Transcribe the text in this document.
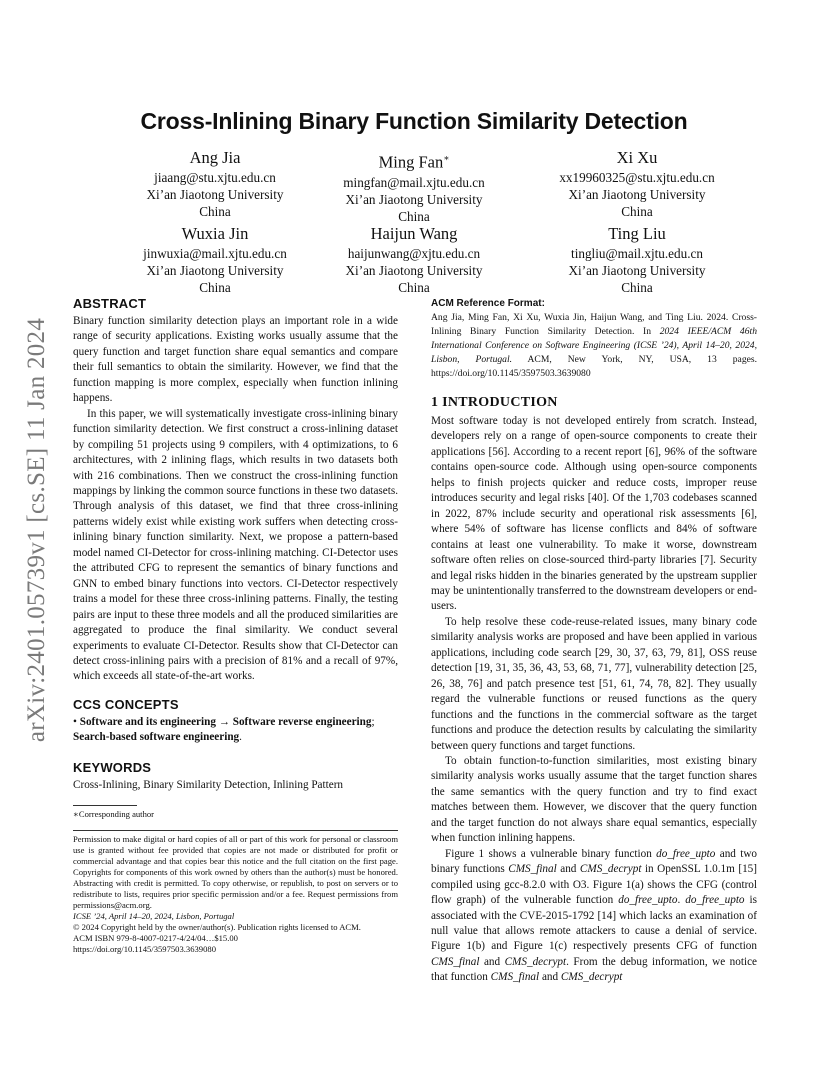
arXiv:2401.05739v1 [cs.SE] 11 Jan 2024
Cross-Inlining Binary Function Similarity Detection
Ang Jia
jiaang@stu.xjtu.edu.cn
Xi’an Jiaotong University
China
Ming Fan∗
mingfan@mail.xjtu.edu.cn
Xi’an Jiaotong University
China
Xi Xu
xx19960325@stu.xjtu.edu.cn
Xi’an Jiaotong University
China
Wuxia Jin
jinwuxia@mail.xjtu.edu.cn
Xi’an Jiaotong University
China
Haijun Wang
haijunwang@xjtu.edu.cn
Xi’an Jiaotong University
China
Ting Liu
tingliu@mail.xjtu.edu.cn
Xi’an Jiaotong University
China
ABSTRACT

Binary function similarity detection plays an important role in a wide range of security applications. Existing works usually assume that the query function and target function share equal semantics and compare their full semantics to obtain the similarity. However, we find that the function mapping is more complex, especially when function inlining happens.

In this paper, we will systematically investigate cross-inlining binary function similarity detection. We first construct a cross-inlining dataset by compiling 51 projects using 9 compilers, with 4 optimizations, to 6 architectures, with 2 inlining flags, which results in two datasets both with 216 combinations. Then we construct the cross-inlining function mappings by linking the common source functions in these two datasets. Through analysis of this dataset, we find that three cross-inlining patterns widely exist while existing work suffers when detecting cross-inlining binary function similarity. Next, we propose a pattern-based model named CI-Detector for cross-inlining matching. CI-Detector uses the attributed CFG to represent the semantics of binary functions and GNN to embed binary functions into vectors. CI-Detector respectively trains a model for these three cross-inlining patterns. Finally, the testing pairs are input to these three models and all the produced similarities are aggregated to produce the final similarity. We conduct several experiments to evaluate CI-Detector. Results show that CI-Detector can detect cross-inlining pairs with a precision of 81% and a recall of 97%, which exceeds all state-of-the-art works.

CCS CONCEPTS

• Software and its engineering → Software reverse engineering; Search-based software engineering.

KEYWORDS

Cross-Inlining, Binary Similarity Detection, Inlining Pattern

∗Corresponding author

Permission to make digital or hard copies of all or part of this work for personal or classroom use is granted without fee provided that copies are not made or distributed for profit or commercial advantage and that copies bear this notice and the full citation on the first page. Copyrights for components of this work owned by others than the author(s) must be honored. Abstracting with credit is permitted. To copy otherwise, or republish, to post on servers or to redistribute to lists, requires prior specific permission and/or a fee. Request permissions from permissions@acm.org.

ICSE ’24, April 14–20, 2024, Lisbon, Portugal

© 2024 Copyright held by the owner/author(s). Publication rights licensed to ACM.

ACM ISBN 979-8-4007-0217-4/24/04…$15.00

https://doi.org/10.1145/3597503.3639080

ACM Reference Format:

Ang Jia, Ming Fan, Xi Xu, Wuxia Jin, Haijun Wang, and Ting Liu. 2024. Cross-Inlining Binary Function Similarity Detection. In 2024 IEEE/ACM 46th International Conference on Software Engineering (ICSE ’24), April 14–20, 2024, Lisbon, Portugal. ACM, New York, NY, USA, 13 pages. https://doi.org/10.1145/3597503.3639080

1 INTRODUCTION

Most software today is not developed entirely from scratch. Instead, developers rely on a range of open-source components to create their applications [56]. According to a recent report [6], 96% of the software contains open-source code. Although using open-source components helps to finish projects quicker and reduce costs, improper reuse introduces security and legal risks [40]. Of the 1,703 codebases scanned in 2022, 87% include security and operational risk assessments [6], where 54% of software has license conflicts and 84% of software contains at least one vulnerability. To make it worse, downstream software often relies on close-sourced third-party libraries [7]. Security and legal risks hidden in the binaries generated by the upstream supplier may be unintentionally transferred to the downstream developers or end-users.

To help resolve these code-reuse-related issues, many binary code similarity analysis works are proposed and have been applied in various applications, including code search [29, 30, 37, 63, 79, 81], OSS reuse detection [19, 31, 35, 36, 43, 53, 68, 71, 77], vulnerability detection [25, 26, 38, 76] and patch presence test [51, 61, 74, 78, 82]. They usually regard the vulnerable functions or reused functions as the query functions and the functions in the commercial software as the target functions and produce the detection results by calculating the similarity between query functions and target functions.

To obtain function-to-function similarities, most existing binary similarity analysis works usually assume that the target function shares the same semantics with the query function and try to find exact matches between them. However, we discover that the query function and the target function do not always share equal semantics, especially when function inlining happens.

Figure 1 shows a vulnerable binary function do_free_upto and two binary functions CMS_final and CMS_decrypt in OpenSSL 1.0.1m [15] compiled using gcc-8.2.0 with O3. Figure 1(a) shows the CFG (control flow graph) of the vulnerable function do_free_upto. do_free_upto is associated with the CVE-2015-1792 [14] which lacks an examination of null value that allows remote attackers to cause a denial of service. Figure 1(b) and Figure 1(c) respectively presents CFG of function CMS_final and CMS_decrypt. From the debug information, we notice that function CMS_final and CMS_decrypt
